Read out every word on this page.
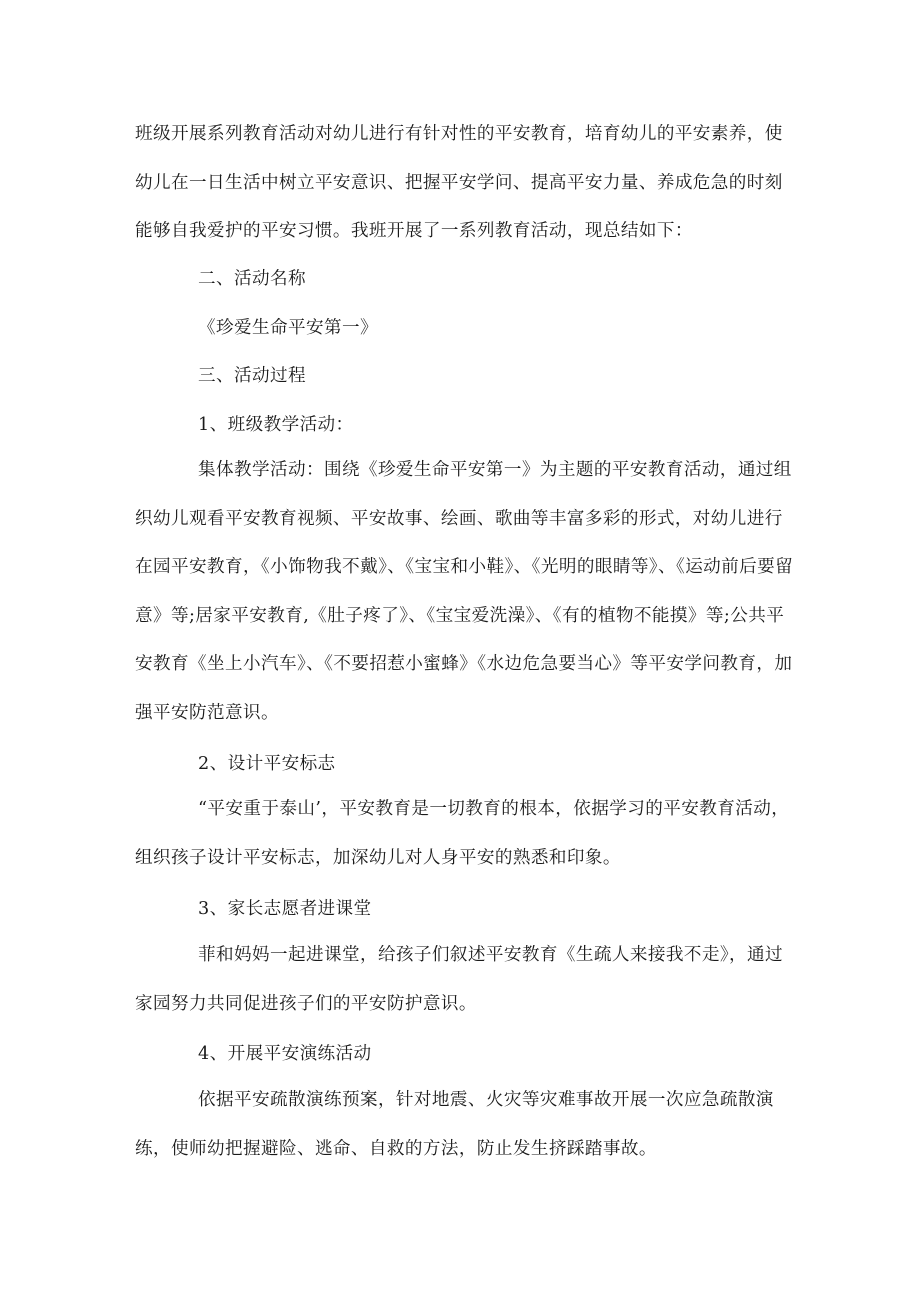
班级开展系列教育活动对幼儿进行有针对性的平安教育，培育幼儿的平安素养，使幼儿在一日生活中树立平安意识、把握平安学问、提高平安力量、养成危急的时刻能够自我爱护的平安习惯。我班开展了一系列教育活动，现总结如下：

二、活动名称
《珍爱生命平安第一》
三、活动过程
1、班级教学活动：

集体教学活动：围绕《珍爱生命平安第一》为主题的平安教育活动，通过组织幼儿观看平安教育视频、平安故事、绘画、歌曲等丰富多彩的形式，对幼儿进行在园平安教育，《小饰物我不戴》、《宝宝和小鞋》、《光明的眼睛等》、《运动前后要留意》等;居家平安教育,《肚子疼了》、《宝宝爱洗澡》、《有的植物不能摸》等;公共平安教育《坐上小汽车》、《不要招惹小蜜蜂》《水边危急要当心》等平安学问教育，加强平安防范意识。

2、设计平安标志

“平安重于泰山’，平安教育是一切教育的根本，依据学习的平安教育活动，组织孩子设计平安标志，加深幼儿对人身平安的熟悉和印象。

3、家长志愿者进课堂

菲和妈妈一起进课堂，给孩子们叙述平安教育《生疏人来接我不走》，通过家园努力共同促进孩子们的平安防护意识。

4、开展平安演练活动

依据平安疏散演练预案，针对地震、火灾等灾难事故开展一次应急疏散演练，使师幼把握避险、逃命、自救的方法，防止发生挤踩踏事故。
